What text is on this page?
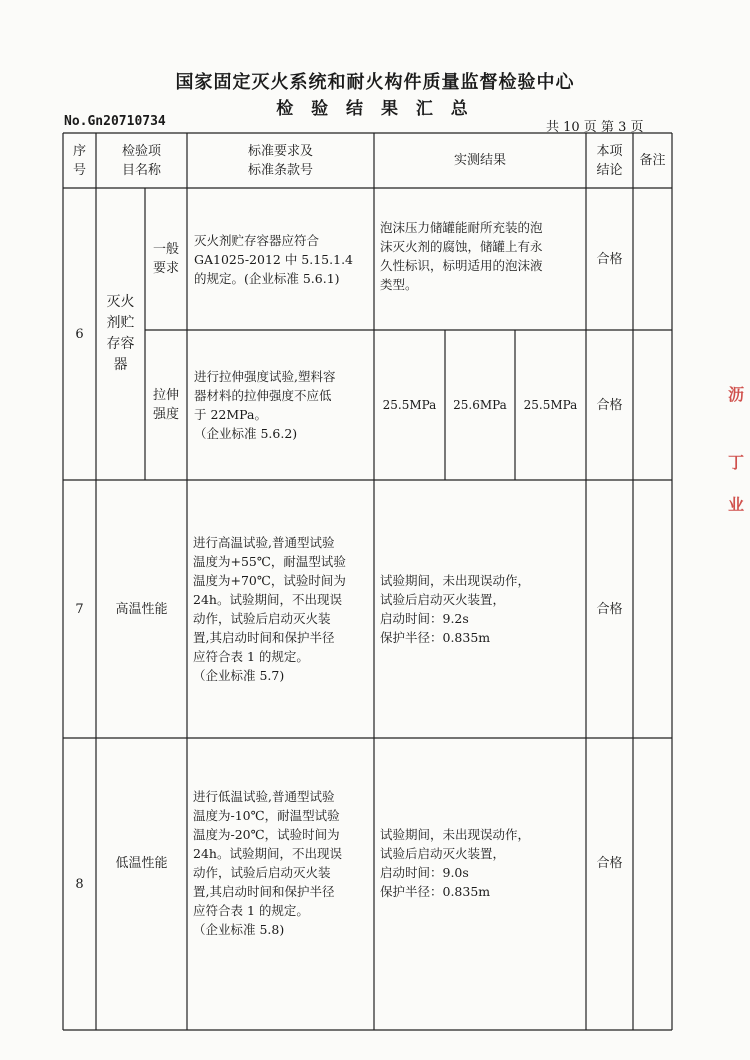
国家固定灭火系统和耐火构件质量监督检验中心
检 验 结 果 汇 总
No.Gn20710734	共 10 页 第 3 页
序
号
检验项
目名称
标准要求及
标准条款号
实测结果
本项
结论
备注
6
灭火
剂贮
存容
器
一般
要求
灭火剂贮存容器应符合
GA1025-2012 中 5.15.1.4
的规定。(企业标准 5.6.1)
泡沫压力储罐能耐所充装的泡
沫灭火剂的腐蚀，储罐上有永
久性标识，标明适用的泡沫液
类型。
合格
拉伸
强度
进行拉伸强度试验,塑料容
器材料的拉伸强度不应低
于 22MPa。
（企业标准 5.6.2)
25.5MPa 25.6MPa 25.5MPa 合格
7 高温性能
进行高温试验,普通型试验
温度为+55℃，耐温型试验
温度为+70℃，试验时间为
24h。试验期间，不出现误
动作，试验后启动灭火装
置,其启动时间和保护半径
应符合表 1 的规定。
（企业标准 5.7)
试验期间，未出现误动作，
试验后启动灭火装置，
启动时间：9.2s
保护半径：0.835m
合格
8
低温性能
进行低温试验,普通型试验
温度为-10℃，耐温型试验
温度为-20℃，试验时间为
24h。试验期间，不出现误
动作，试验后启动灭火装
置,其启动时间和保护半径
应符合表 1 的规定。
（企业标准 5.8)
试验期间，未出现误动作，
试验后启动灭火装置，
启动时间：9.0s
保护半径：0.835m
合格
沥
丁
业
